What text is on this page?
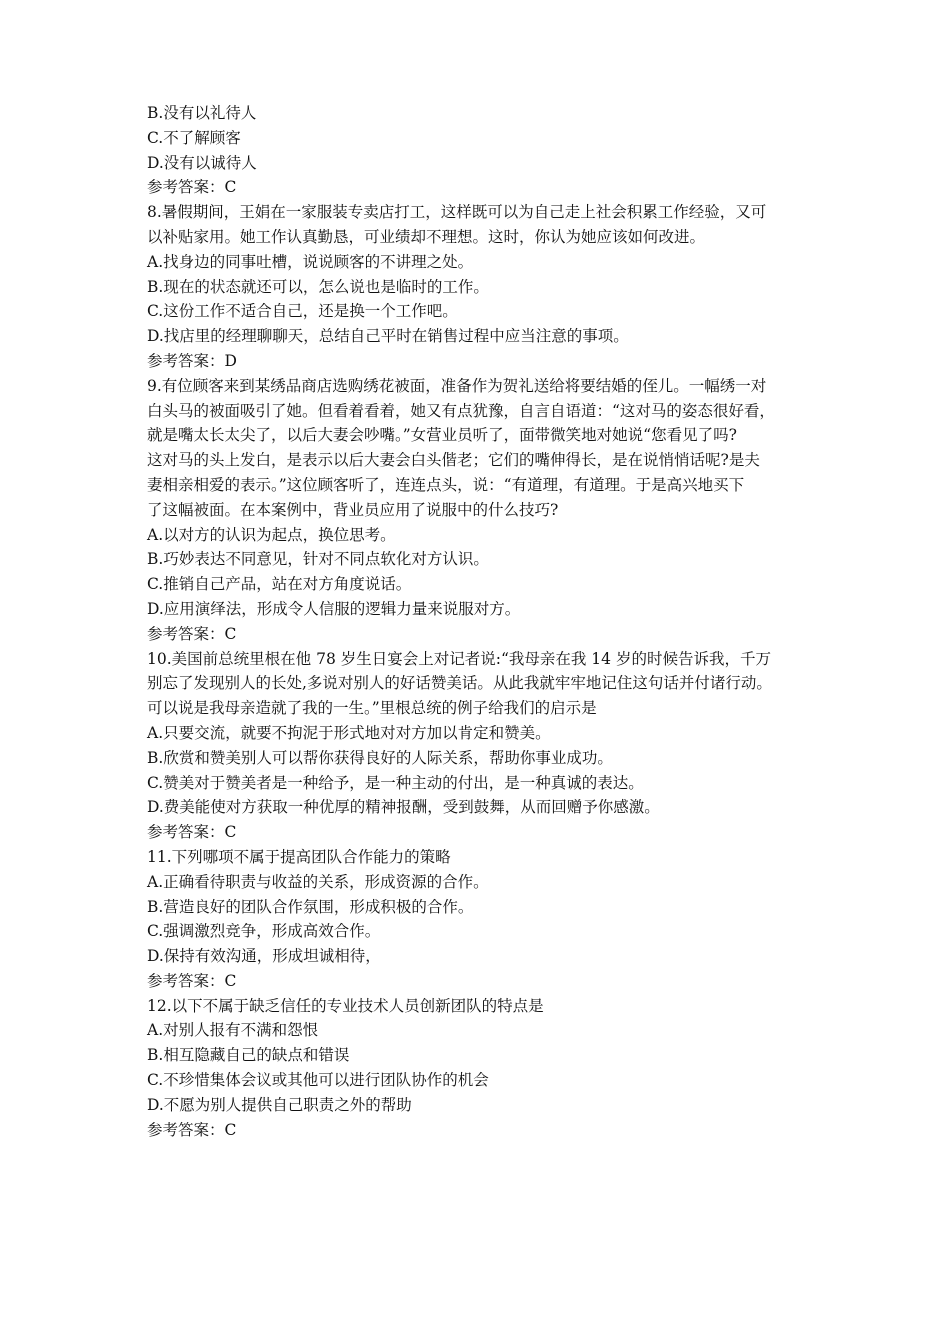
B.没有以礼待人
C.不了解顾客
D.没有以诚待人
参考答案：C
8.暑假期间，王娟在一家服装专卖店打工，这样既可以为自己走上社会积累工作经验，又可
以补贴家用。她工作认真勤恳，可业绩却不理想。这时，你认为她应该如何改进。
A.找身边的同事吐槽，说说顾客的不讲理之处。
B.现在的状态就还可以，怎么说也是临时的工作。
C.这份工作不适合自己，还是换一个工作吧。
D.找店里的经理聊聊天，总结自己平时在销售过程中应当注意的事项。
参考答案：D
9.有位顾客来到某绣品商店选购绣花被面，准备作为贺礼送给将要结婚的侄儿。一幅绣一对
白头马的被面吸引了她。但看着看着，她又有点犹豫，自言自语道：“这对马的姿态很好看，
就是嘴太长太尖了，以后大妻会吵嘴。”女营业员听了，面带微笑地对她说“您看见了吗?
这对马的头上发白，是表示以后大妻会白头偕老；它们的嘴伸得长，是在说悄悄话呢?是夫
妻相亲相爱的表示。”这位顾客听了，连连点头，说：“有道理，有道理。于是高兴地买下
了这幅被面。在本案例中，背业员应用了说服中的什么技巧?
A.以对方的认识为起点，换位思考。
B.巧妙表达不同意见，针对不同点软化对方认识。
C.推销自己产品，站在对方角度说话。
D.应用演绎法，形成令人信服的逻辑力量来说服对方。
参考答案：C
10.美国前总统里根在他 78 岁生日宴会上对记者说:“我母亲在我 14 岁的时候告诉我，千万
别忘了发现别人的长处,多说对别人的好话赞美话。从此我就牢牢地记住这句话并付诸行动。
可以说是我母亲造就了我的一生。”里根总统的例子给我们的启示是
A.只要交流，就要不拘泥于形式地对对方加以肯定和赞美。
B.欣赏和赞美别人可以帮你获得良好的人际关系，帮助你事业成功。
C.赞美对于赞美者是一种给予，是一种主动的付出，是一种真诚的表达。
D.费美能使对方获取一种优厚的精神报酬，受到鼓舞，从而回赠予你感激。
参考答案：C
11.下列哪项不属于提高团队合作能力的策略
A.正确看待职责与收益的关系，形成资源的合作。
B.营造良好的团队合作氛围，形成积极的合作。
C.强调激烈竞争，形成高效合作。
D.保持有效沟通，形成坦诚相待，
参考答案：C
12.以下不属于缺乏信任的专业技术人员创新团队的特点是
A.对别人报有不满和怨恨
B.相互隐藏自己的缺点和错误
C.不珍惜集体会议或其他可以进行团队协作的机会
D.不愿为别人提供自己职责之外的帮助
参考答案：C
